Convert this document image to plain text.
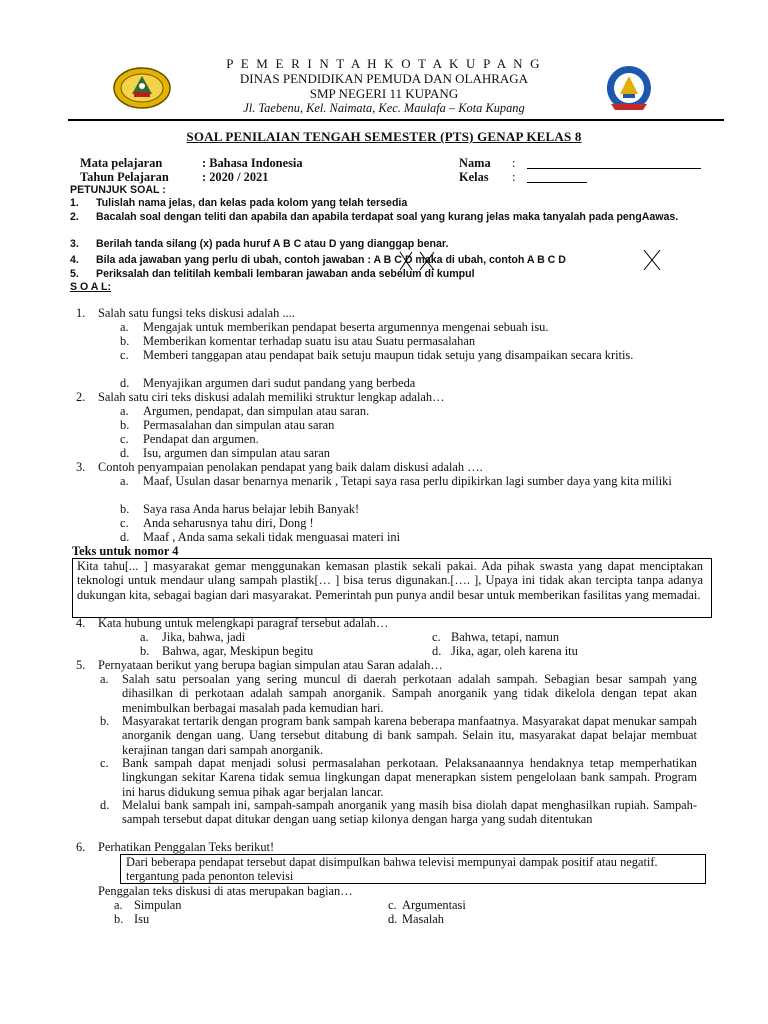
P E M E R I N T A H K O T A K U P A N G
DINAS PENDIDIKAN PEMUDA DAN OLAHRAGA
SMP NEGERI 11 KUPANG
Jl. Taebenu, Kel. Naimata, Kec. Maulafa – Kota Kupang
SOAL PENILAIAN TENGAH SEMESTER (PTS) GENAP KELAS 8
Mata pelajaran	: Bahasa Indonesia
Tahun Pelajaran	: 2020 / 2021
Nama :
Kelas :
PETUNJUK SOAL :
1. Tulislah nama jelas, dan kelas pada kolom yang telah tersedia
2. Bacalah soal dengan teliti dan apabila dan apabila terdapat soal yang kurang jelas maka tanyalah pada pengAawas.
3. Berilah tanda silang (x) pada huruf A B C atau D yang dianggap benar.
4. Bila ada jawaban yang perlu di ubah, contoh jawaban : A B C D maka di ubah, contoh A B C D
5. Periksalah dan telitilah kembali lembaran jawaban anda sebelum di kumpul
S O A L:
1. Salah satu fungsi teks diskusi adalah ....
a. Mengajak untuk memberikan pendapat beserta argumennya mengenai sebuah isu.
b. Memberikan komentar terhadap suatu isu atau Suatu permasalahan
c. Memberi tanggapan atau pendapat baik setuju maupun tidak setuju yang disampaikan secara kritis.
d. Menyajikan argumen dari sudut pandang yang berbeda
2. Salah satu ciri teks diskusi adalah memiliki struktur lengkap adalah…
a. Argumen, pendapat, dan simpulan atau saran.
b. Permasalahan dan simpulan atau saran
c. Pendapat dan argumen.
d. Isu, argumen dan simpulan atau saran
3. Contoh penyampaian penolakan pendapat yang baik dalam diskusi adalah ….
a. Maaf, Usulan dasar benarnya menarik , Tetapi saya rasa perlu dipikirkan lagi sumber daya yang kita miliki
b. Saya rasa Anda harus belajar lebih Banyak!
c. Anda seharusnya tahu diri, Dong !
d. Maaf , Anda sama sekali tidak menguasai materi ini
Teks untuk nomor 4
Kita tahu[... ] masyarakat gemar menggunakan kemasan plastik sekali pakai. Ada pihak swasta yang dapat menciptakan teknologi untuk mendaur ulang sampah plastik[… ] bisa terus digunakan.[…. ], Upaya ini tidak akan tercipta tanpa adanya dukungan kita, sebagai bagian dari masyarakat. Pemerintah pun punya andil besar untuk memberikan fasilitas yang memadai.
4. Kata hubung untuk melengkapi paragraf tersebut adalah…
a. Jika, bahwa, jadi	c. Bahwa, tetapi, namun
b. Bahwa, agar, Meskipun begitu	d. Jika, agar, oleh karena itu
5. Pernyataan berikut yang berupa bagian simpulan atau Saran adalah…
a. Salah satu persoalan yang sering muncul di daerah perkotaan adalah sampah. Sebagian besar sampah yang dihasilkan di perkotaan adalah sampah anorganik. Sampah anorganik yang tidak dikelola dengan tepat akan menimbulkan berbagai masalah pada kemudian hari.
b. Masyarakat tertarik dengan program bank sampah karena beberapa manfaatnya. Masyarakat dapat menukar sampah anorganik dengan uang. Uang tersebut ditabung di bank sampah. Selain itu, masyarakat dapat belajar membuat kerajinan tangan dari sampah anorganik.
c. Bank sampah dapat menjadi solusi permasalahan perkotaan. Pelaksanaannya hendaknya tetap memperhatikan lingkungan sekitar Karena tidak semua lingkungan dapat menerapkan sistem pengelolaan bank sampah. Program ini harus didukung semua pihak agar berjalan lancar.
d. Melalui bank sampah ini, sampah-sampah anorganik yang masih bisa diolah dapat menghasilkan rupiah. Sampah-sampah tersebut dapat ditukar dengan uang setiap kilonya dengan harga yang sudah ditentukan
6. Perhatikan Penggalan Teks berikut!
Dari beberapa pendapat tersebut dapat disimpulkan bahwa televisi mempunyai dampak positif atau negatif. tergantung pada penonton televisi
Penggalan teks diskusi di atas merupakan bagian…
a. Simpulan	c. Argumentasi
b. Isu	d. Masalah
